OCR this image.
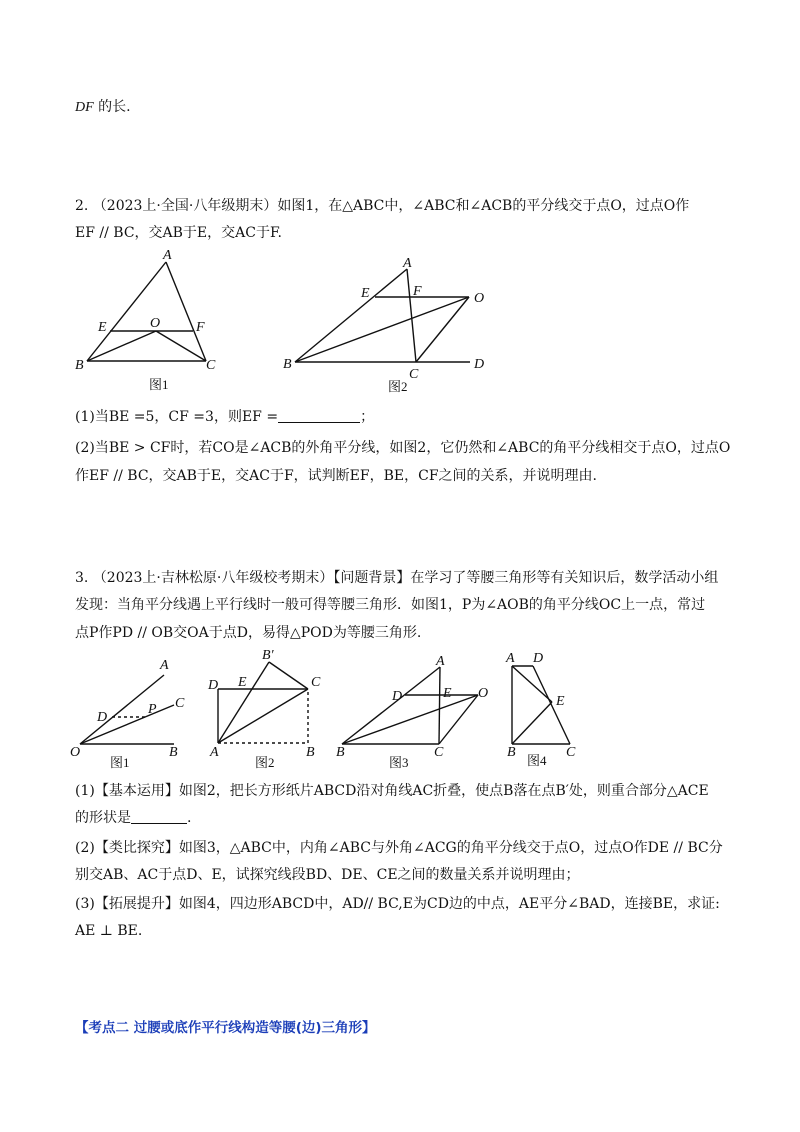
DF 的长.
2. （2023上·全国·八年级期末）如图1，在△ABC中，∠ABC和∠ACB的平分线交于点O，过点O作
EF // BC，交AB于E，交AC于F.
A
E	O	F
B	C
图1
A
E	F	O
B	D
C
图2
(1)当BE =5，CF =3，则EF =	；
(2)当BE > CF时，若CO是∠ACB的外角平分线，如图2，它仍然和∠ABC的角平分线相交于点O，过点O
作EF // BC，交AB于E，交AC于F，试判断EF，BE，CF之间的关系，并说明理由.
3. （2023上·吉林松原·八年级校考期末）【问题背景】在学习了等腰三角形等有关知识后，数学活动小组
发现：当角平分线遇上平行线时一般可得等腰三角形．如图1，P为∠AOB的角平分线OC上一点，常过
点P作PD // OB交OA于点D，易得△POD为等腰三角形.
A
C
P
D
O	B
图1
B′
D E	C
A	B
图2
A
D	E O
B	C
图3
A D
E
B	C
图4
(1)【基本运用】如图2，把长方形纸片ABCD沿对角线AC折叠，使点B落在点B′处，则重合部分△ACE
的形状是	.
(2)【类比探究】如图3，△ABC中，内角∠ABC与外角∠ACG的角平分线交于点O，过点O作DE // BC分
别交AB、AC于点D、E，试探究线段BD、DE、CE之间的数量关系并说明理由；
(3)【拓展提升】如图4，四边形ABCD中，AD// BC,E为CD边的中点，AE平分∠BAD，连接BE，求证:
AE ⊥ BE.
【考点二 过腰或底作平行线构造等腰(边)三角形】
